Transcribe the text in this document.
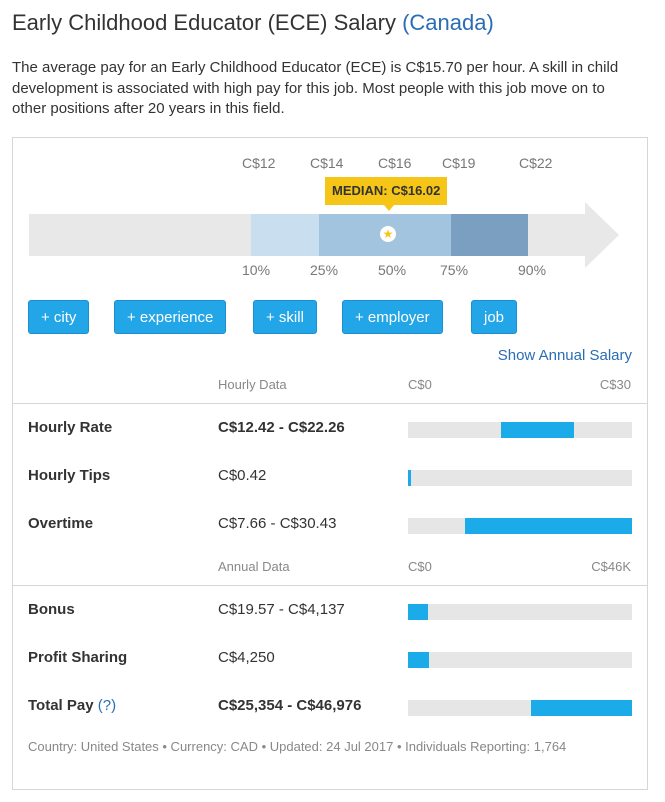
Early Childhood Educator (ECE) Salary (Canada)
The average pay for an Early Childhood Educator (ECE) is C$15.70 per hour. A skill in child development is associated with high pay for this job. Most people with this job move on to other positions after 20 years in this field.
C$12 C$14 C$16 C$19	C$22
MEDIAN: C$16.02
★
10%	25%	50% 75%	90%
+ city	+ experience	+ skill	+ employer	job
Show Annual Salary
Hourly Data	C$0	C$30
Hourly Rate	C$12.42 - C$22.26
Hourly Tips	C$0.42
Overtime	C$7.66 - C$30.43
Annual Data	C$0	C$46K
Bonus	C$19.57 - C$4,137
Profit Sharing	C$4,250
Total Pay (?)	C$25,354 - C$46,976
Country: United States • Currency: CAD • Updated: 24 Jul 2017 • Individuals Reporting: 1,764
